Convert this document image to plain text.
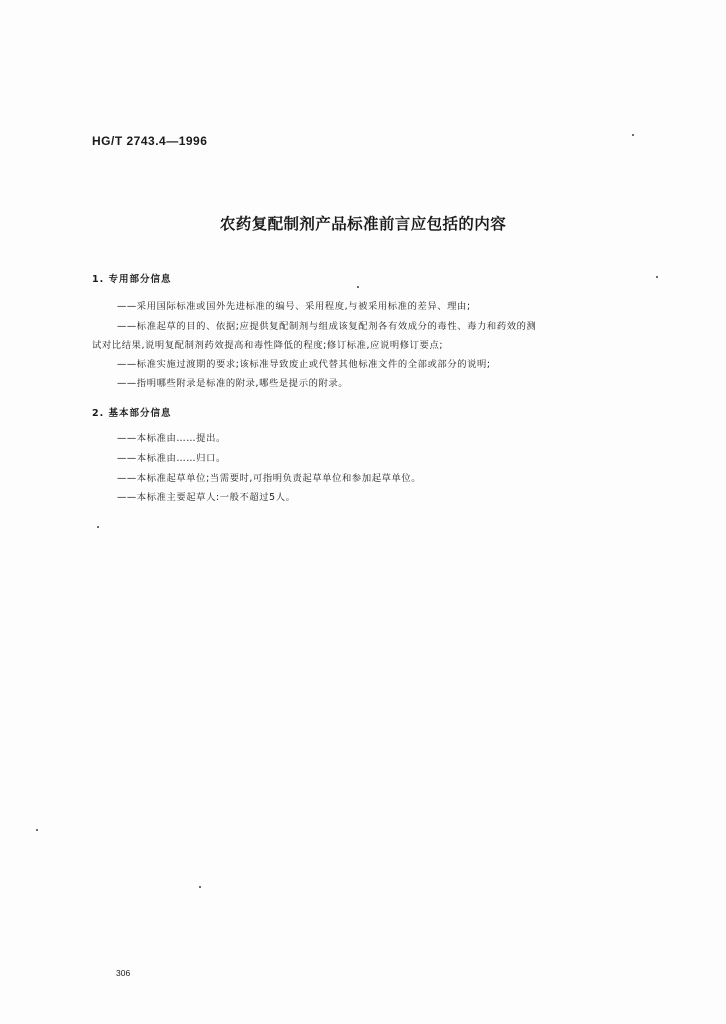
HG/T 2743.4—1996
农药复配制剂产品标准前言应包括的内容
1. 专用部分信息
——采用国际标准或国外先进标准的编号、采用程度,与被采用标准的差异、理由;
——标准起草的目的、依据;应提供复配制剂与组成该复配剂各有效成分的毒性、毒力和药效的测
试对比结果,说明复配制剂药效提高和毒性降低的程度;修订标准,应说明修订要点;
——标准实施过渡期的要求;该标准导致废止或代替其他标准文件的全部或部分的说明;
——指明哪些附录是标准的附录,哪些是提示的附录。
2. 基本部分信息
——本标准由……提出。
——本标准由……归口。
——本标准起草单位;当需要时,可指明负责起草单位和参加起草单位。
——本标准主要起草人:一般不超过5人。
306
